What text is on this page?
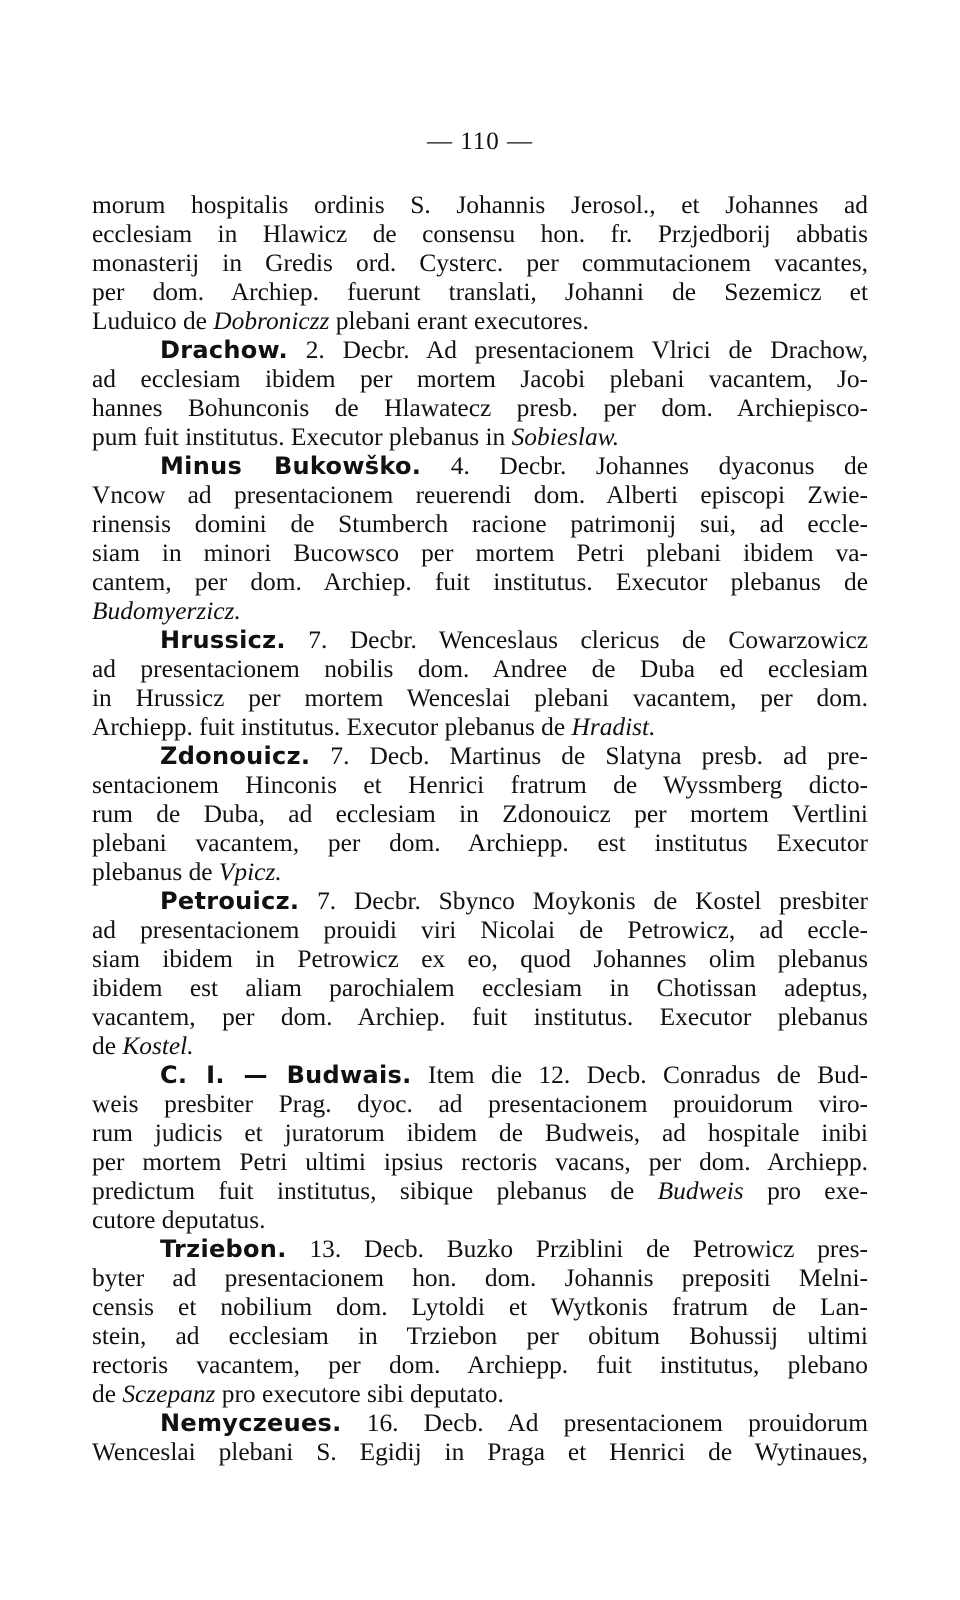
— 110 —
morum hospitalis ordinis S. Johannis Jerosol., et Johannes ad
ecclesiam in Hlawicz de consensu hon. fr. Przjedborij abbatis
monasterij in Gredis ord. Cysterc. per commutacionem vacantes,
per dom. Archiep. fuerunt translati, Johanni de Sezemicz et
Luduico de Dobroniczz plebani erant executores.
Drachow. 2. Decbr. Ad presentacionem Vlrici de Drachow,
ad ecclesiam ibidem per mortem Jacobi plebani vacantem, Jo-
hannes Bohunconis de Hlawatecz presb. per dom. Archiepisco-
pum fuit institutus. Executor plebanus in Sobieslaw.
Minus Bukowško. 4. Decbr. Johannes dyaconus de
Vncow ad presentacionem reuerendi dom. Alberti episcopi Zwie-
rinensis domini de Stumberch racione patrimonij sui, ad eccle-
siam in minori Bucowsco per mortem Petri plebani ibidem va-
cantem, per dom. Archiep. fuit institutus. Executor plebanus de
Budomyerzicz.
Hrussicz. 7. Decbr. Wenceslaus clericus de Cowarzowicz
ad presentacionem nobilis dom. Andree de Duba ed ecclesiam
in Hrussicz per mortem Wenceslai plebani vacantem, per dom.
Archiepp. fuit institutus. Executor plebanus de Hradist.
Zdonouicz. 7. Decb. Martinus de Slatyna presb. ad pre-
sentacionem Hinconis et Henrici fratrum de Wyssmberg dicto-
rum de Duba, ad ecclesiam in Zdonouicz per mortem Vertlini
plebani vacantem, per dom. Archiepp. est institutus Executor
plebanus de Vpicz.
Petrouicz. 7. Decbr. Sbynco Moykonis de Kostel presbiter
ad presentacionem prouidi viri Nicolai de Petrowicz, ad eccle-
siam ibidem in Petrowicz ex eo, quod Johannes olim plebanus
ibidem est aliam parochialem ecclesiam in Chotissan adeptus,
vacantem, per dom. Archiep. fuit institutus. Executor plebanus
de Kostel.
C. I. — Budwais. Item die 12. Decb. Conradus de Bud-
weis presbiter Prag. dyoc. ad presentacionem prouidorum viro-
rum judicis et juratorum ibidem de Budweis, ad hospitale inibi
per mortem Petri ultimi ipsius rectoris vacans, per dom. Archiepp.
predictum fuit institutus, sibique plebanus de Budweis pro exe-
cutore deputatus.
Trziebon. 13. Decb. Buzko Prziblini de Petrowicz pres-
byter ad presentacionem hon. dom. Johannis prepositi Melni-
censis et nobilium dom. Lytoldi et Wytkonis fratrum de Lan-
stein, ad ecclesiam in Trziebon per obitum Bohussij ultimi
rectoris vacantem, per dom. Archiepp. fuit institutus, plebano
de Sczepanz pro executore sibi deputato.
Nemyczeues. 16. Decb. Ad presentacionem prouidorum
Wenceslai plebani S. Egidij in Praga et Henrici de Wytinaues,
